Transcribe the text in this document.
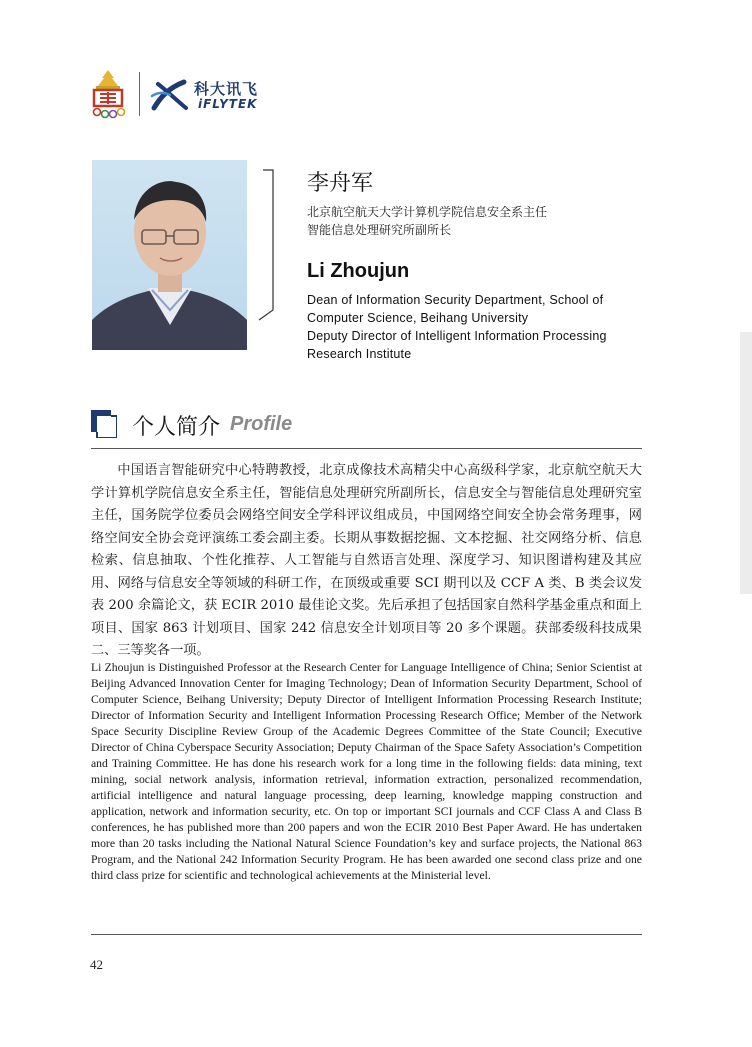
科大讯飞
iFLYTEK
李舟军
北京航空航天大学计算机学院信息安全系主任
智能信息处理研究所副所长
Li Zhoujun
Dean of Information Security Department, School of
Computer Science, Beihang University
Deputy Director of Intelligent Information Processing
Research Institute
个人简介 Profile

中国语言智能研究中心特聘教授，北京成像技术高精尖中心高级科学家，北京航空航天大学计算机学院信息安全系主任，智能信息处理研究所副所长，信息安全与智能信息处理研究室主任，国务院学位委员会网络空间安全学科评议组成员，中国网络空间安全协会常务理事，网络空间安全协会竞评演练工委会副主委。长期从事数据挖掘、文本挖掘、社交网络分析、信息检索、信息抽取、个性化推荐、人工智能与自然语言处理、深度学习、知识图谱构建及其应用、网络与信息安全等领域的科研工作，在顶级或重要 SCI 期刊以及 CCF A 类、B 类会议发表 200 余篇论文，获 ECIR 2010 最佳论文奖。先后承担了包括国家自然科学基金重点和面上项目、国家 863 计划项目、国家 242 信息安全计划项目等 20 多个课题。获部委级科技成果二、三等奖各一项。

Li Zhoujun is Distinguished Professor at the Research Center for Language Intelligence of China; Senior Scientist at Beijing Advanced Innovation Center for Imaging Technology; Dean of Information Security Department, School of Computer Science, Beihang University; Deputy Director of Intelligent Information Processing Research Institute; Director of Information Security and Intelligent Information Processing Research Office; Member of the Network Space Security Discipline Review Group of the Academic Degrees Committee of the State Council; Executive Director of China Cyberspace Security Association; Deputy Chairman of the Space Safety Association’s Competition and Training Committee. He has done his research work for a long time in the following fields: data mining, text mining, social network analysis, information retrieval, information extraction, personalized recommendation, artificial intelligence and natural language processing, deep learning, knowledge mapping construction and application, network and information security, etc. On top or important SCI journals and CCF Class A and Class B conferences, he has published more than 200 papers and won the ECIR 2010 Best Paper Award. He has undertaken more than 20 tasks including the National Natural Science Foundation’s key and surface projects, the National 863 Program, and the National 242 Information Security Program. He has been awarded one second class prize and one third class prize for scientific and technological achievements at the Ministerial level.

42
